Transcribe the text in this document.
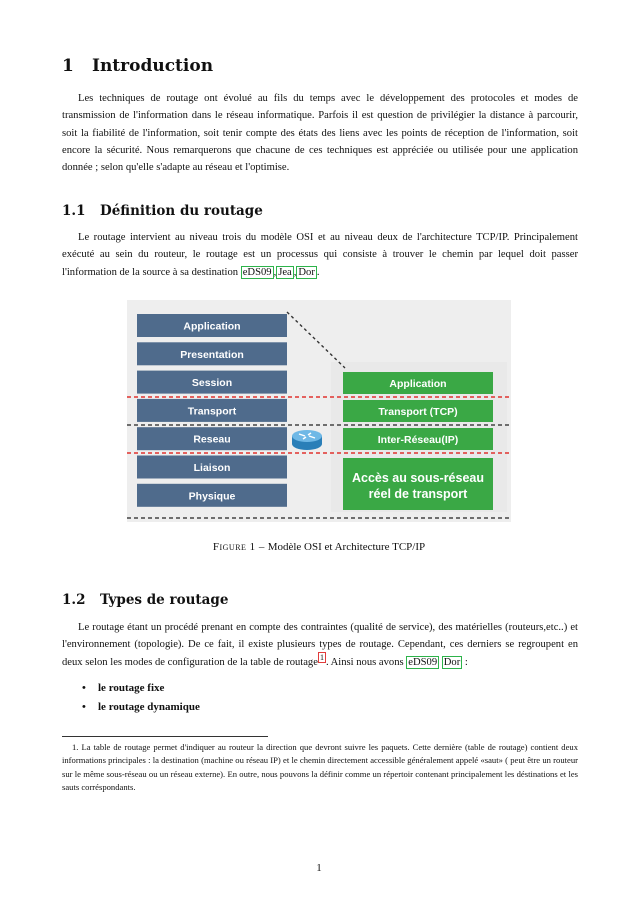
1 Introduction

Les techniques de routage ont évolué au fils du temps avec le développement des protocoles et modes de transmission de l'information dans le réseau informatique. Parfois il est question de privilégier la distance à parcourir, soit la fiabilité de l'information, soit tenir compte des états des liens avec les points de réception de l'information, soit encore la sécurité. Nous remarquerons que chacune de ces techniques est appréciée ou utilisée pour une application donnée ; selon qu'elle s'adapte au réseau et l'optimise.

1.1 Définition du routage

Le routage intervient au niveau trois du modèle OSI et au niveau deux de l'architecture TCP/IP. Principalement exécuté au sein du routeur, le routage est un processus qui consiste à trouver le chemin par lequel doit passer l'information de la source à sa destination eDS09 , Jea , Dor .

Application
Presentation
Session
Transport
Reseau
Liaison
Physique
Application
Transport (TCP)
Inter-Réseau(IP)
Accès au sous-réseau
réel de transport
Figure 1 – Modèle OSI et Architecture TCP/IP
1.2 Types de routage

Le routage étant un procédé prenant en compte des contraintes (qualité de service), des matérielles (routeurs,etc..) et l'environnement (topologie). De ce fait, il existe plusieurs types de routage. Cependant, ces derniers se regroupent en deux selon les modes de configuration de la table de routage $^1$ . Ainsi nous avons eDS09 Dor :

• le routage fixe
• le routage dynamique

1. La table de routage permet d'indiquer au routeur la direction que devront suivre les paquets. Cette dernière (table de routage) contient deux informations principales : la destination (machine ou réseau IP) et le chemin directement accessible généralement appelé «saut» ( peut être un routeur sur le même sous-réseau ou un réseau externe). En outre, nous pouvons la définir comme un répertoir contenant principalement les déstinations et les sauts corréspondants.

1
